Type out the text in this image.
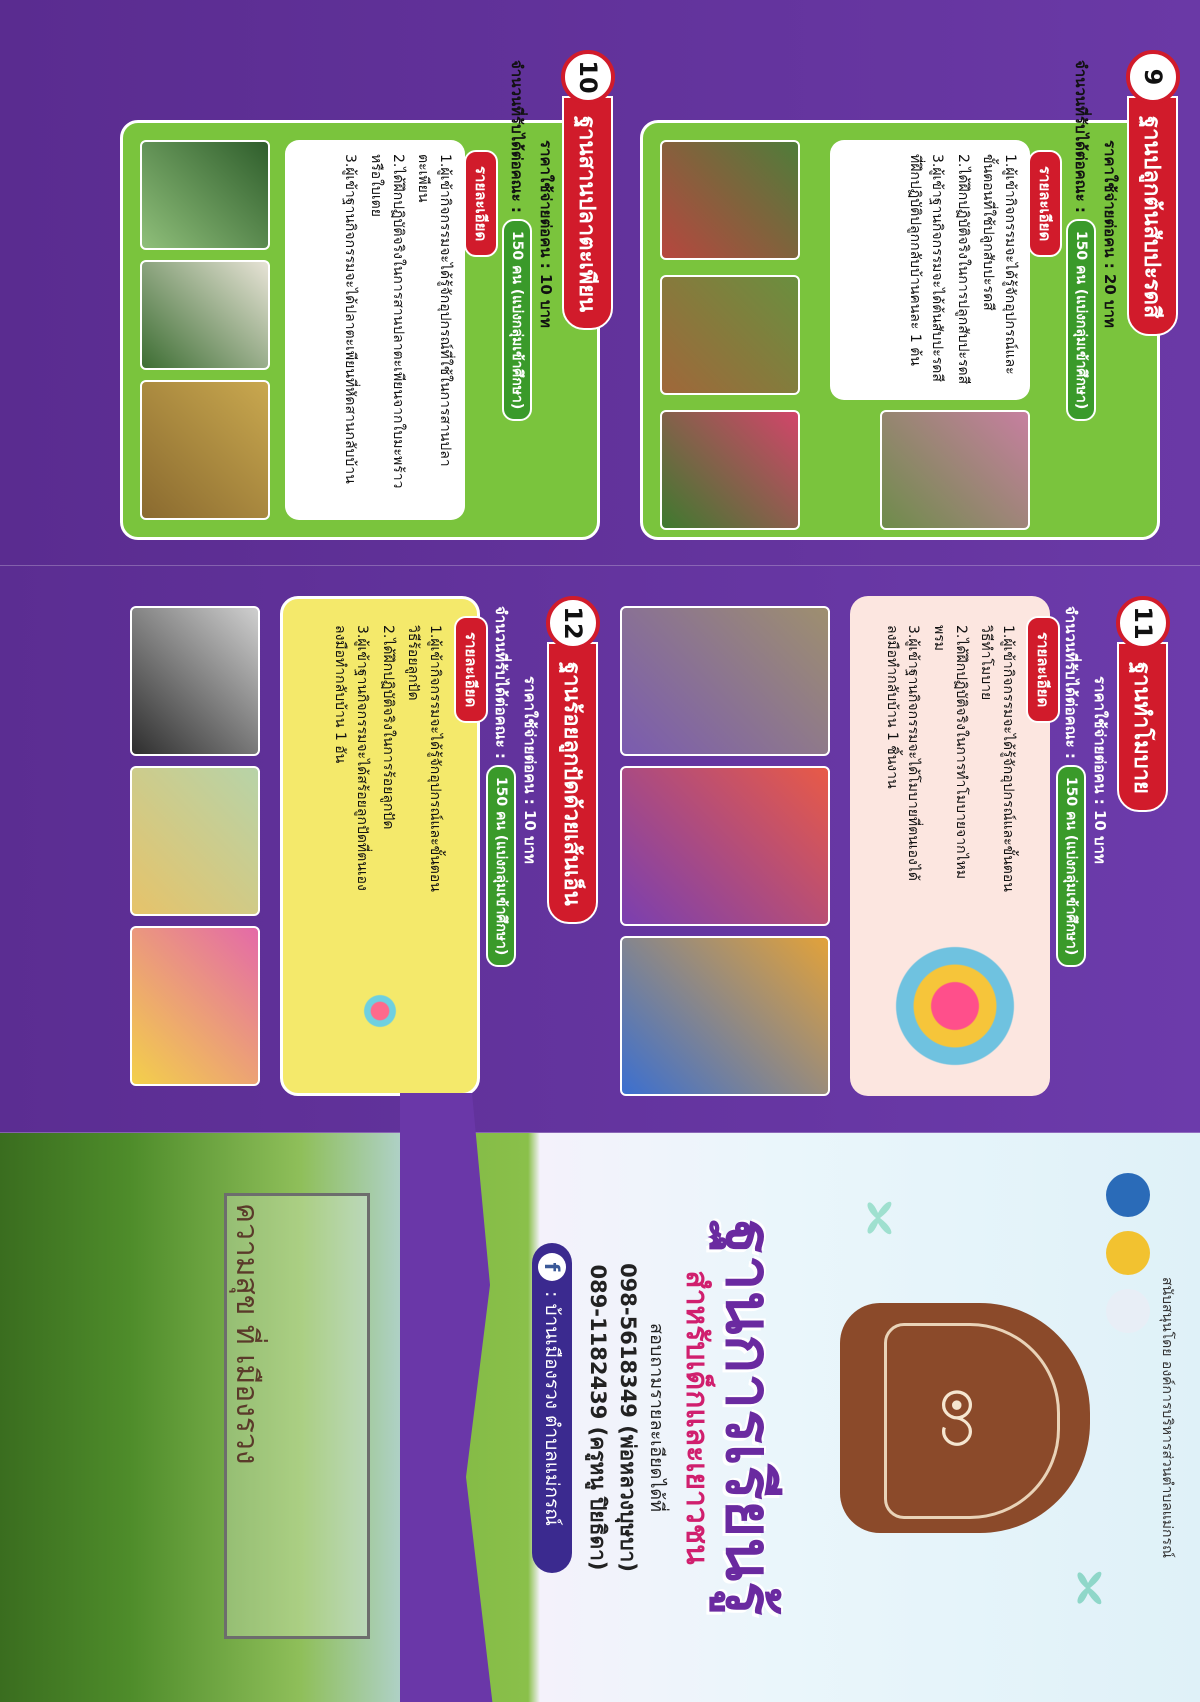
9
ฐานปลูกต้นสับปะรดสี
ราคาใช้จ่ายต่อคน : 20 บาท
จำนวนที่รับได้ต่อคณะ :
150 คน (แบ่งกลุ่มเข้าศึกษา)
รายละเอียด

1.ผู้เข้ากิจกรรมจะได้รู้จักอุปกรณ์และขั้นตอนที่ใช้ปลูกสับปะรดสี

2.ได้ฝึกปฏิบัติจริงในการปลูกสับปะรดสี

3.ผู้เข้าฐานกิจกรรมจะได้ต้นสับปะรดสีที่ฝึกปฏิบัติปลูกกลับบ้านคนละ 1 ต้น

10
ฐานสานปลาตะเพียน
ราคาใช้จ่ายต่อคน : 10 บาท
จำนวนที่รับได้ต่อคณะ :
150 คน (แบ่งกลุ่มเข้าศึกษา)
รายละเอียด

1.ผู้เข้ากิจกรรมจะได้รู้จักอุปกรณ์ที่ใช้ในการสานปลาตะเพียน

2.ได้ฝึกปฏิบัติจริงในการสานปลาตะเพียนจากใบมะพร้าวหรือใบเตย

3.ผู้เข้าฐานกิจกรรมจะได้ปลาตะเพียนที่หัดสานกลับบ้าน

11
ฐานทำโมบาย
ราคาใช้จ่ายต่อคน : 10 บาท
จำนวนที่รับได้ต่อคณะ :
150 คน (แบ่งกลุ่มเข้าศึกษา)
รายละเอียด

1.ผู้เข้ากิจกรรมจะได้รู้จักอุปกรณ์และขั้นตอนวิธีทำโมบาย

2.ได้ฝึกปฏิบัติจริงในการทำโมบายจากไหมพรม

3.ผู้เข้าฐานกิจกรรมจะได้โมบายที่ตนเองได้ลงมือทำกลับบ้าน 1 ชิ้นงาน

12
ฐานร้อยลูกปัดด้วยเส้นเอ็น
ราคาใช้จ่ายต่อคน : 10 บาท
จำนวนที่รับได้ต่อคณะ :
150 คน (แบ่งกลุ่มเข้าศึกษา)
รายละเอียด

1.ผู้เข้ากิจกรรมจะได้รู้จักอุปกรณ์และขั้นตอนวิธีร้อยลูกปัด

2.ได้ฝึกปฏิบัติจริงในการร้อยลูกปัด

3.ผู้เข้าฐานกิจกรรมจะได้สร้อยลูกปัดที่ตนเองลงมือทำกลับบ้าน 1 อัน

สนับสนุนโดย องค์การบริหารส่วนตำบลแม่กรณ์
ꩦ
ฐานการเรียนรู้
สำหรับเด็กและเยาวชน
สอบถามรายละเอียดได้ที่
098-5618349 (พ่อหลวงบุษบา)
089-1182439 (ครูหนู ปิยธิดา)
f
: บ้านเมืองรวง ตำบลแม่กรณ์
ความสุข ที่ เมืองรวง
